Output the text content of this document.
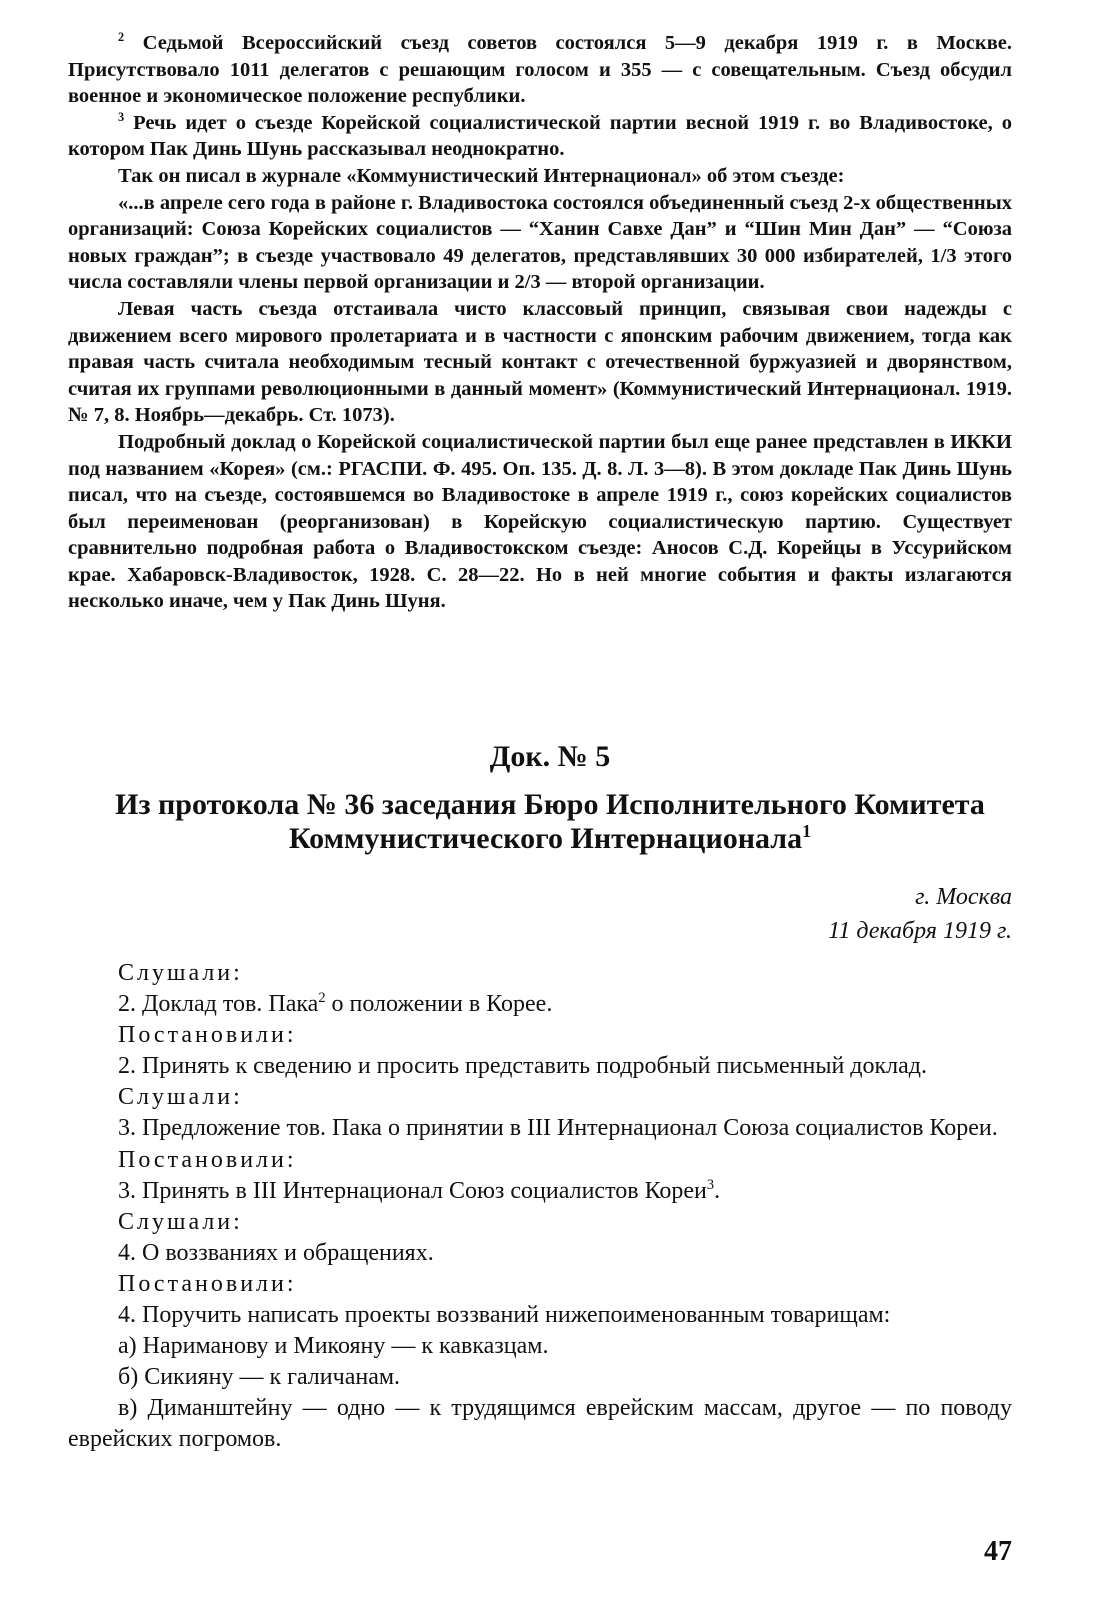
$^2$ Седьмой Всероссийский съезд советов состоялся 5—9 декабря 1919 г. в Москве. Присутствовало 1011 делегатов с решающим голосом и 355 — с совещательным. Съезд обсудил военное и экономическое положение республики.

$^3$ Речь идет о съезде Корейской социалистической партии весной 1919 г. во Владивостоке, о котором Пак Динь Шунь рассказывал неоднократно.

Так он писал в журнале «Коммунистический Интернационал» об этом съезде:

«...в апреле сего года в районе г. Владивостока состоялся объединенный съезд 2-х общественных организаций: Союза Корейских социалистов — “Ханин Савхе Дан” и “Шин Мин Дан” — “Союза новых граждан”; в съезде участвовало 49 делегатов, представлявших 30 000 избирателей, 1/3 этого числа составляли члены первой организации и 2/3 — второй организации.

Левая часть съезда отстаивала чисто классовый принцип, связывая свои надежды с движением всего мирового пролетариата и в частности с японским рабочим движением, тогда как правая часть считала необходимым тесный контакт с отечественной буржуазией и дворянством, считая их группами революционными в данный момент» (Коммунистический Интернационал. 1919. № 7, 8. Ноябрь—декабрь. Ст. 1073).

Подробный доклад о Корейской социалистической партии был еще ранее представлен в ИККИ под названием «Корея» (см.: РГАСПИ. Ф. 495. Оп. 135. Д. 8. Л. 3—8). В этом докладе Пак Динь Шунь писал, что на съезде, состоявшемся во Владивостоке в апреле 1919 г., союз корейских социалистов был переименован (реорганизован) в Корейскую социалистическую партию. Существует сравнительно подробная работа о Владивостокском съезде: Аносов С.Д. Корейцы в Уссурийском крае. Хабаровск-Владивосток, 1928. С. 28—22. Но в ней многие события и факты излагаются несколько иначе, чем у Пак Динь Шуня.

Док. № 5
Из протокола № 36 заседания Бюро Исполнительного Комитета
Коммунистического Интернационала$^1$
г. Москва
11 декабря 1919 г.

Слушали:

2. Доклад тов. Пака$^2$ о положении в Корее.

Постановили:

2. Принять к сведению и просить представить подробный письменный доклад.

Слушали:

3. Предложение тов. Пака о принятии в III Интернационал Союза социалистов Кореи.

Постановили:

3. Принять в III Интернационал Союз социалистов Кореи$^3$.

Слушали:

4. О воззваниях и обращениях.

Постановили:

4. Поручить написать проекты воззваний нижепоименованным товарищам:

а) Нариманову и Микояну — к кавказцам.

б) Сикияну — к галичанам.

в) Диманштейну — одно — к трудящимся еврейским массам, другое — по поводу еврейских погромов.

47
